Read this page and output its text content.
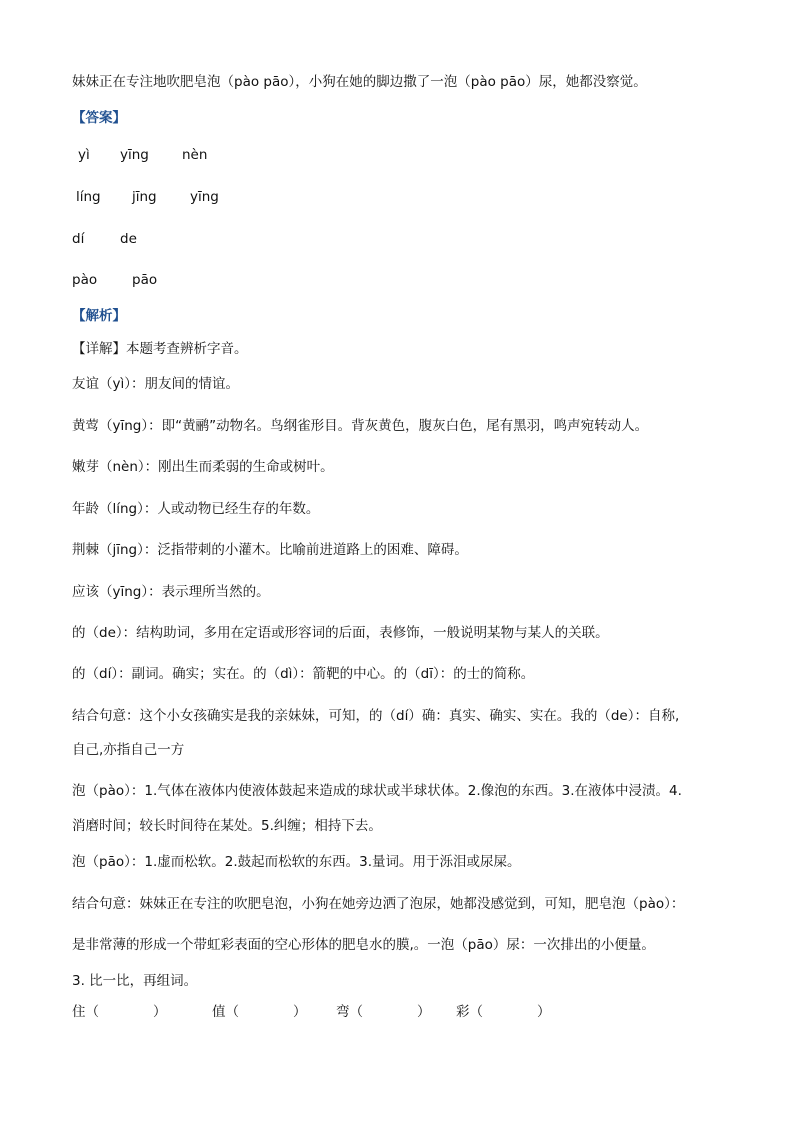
妹妹正在专注地吹肥皂泡（pào pāo），小狗在她的脚边撒了一泡（pào pāo）尿，她都没察觉。
【答案】
yì yīng nèn
líng jīng yīng
dí	de
pào	pāo
【解析】
【详解】本题考查辨析字音。
友谊（yì）：朋友间的情谊。
黄莺（yīng）：即“黄鹂”动物名。鸟纲雀形目。背灰黄色，腹灰白色，尾有黑羽，鸣声宛转动人。
嫩芽（nèn）：刚出生而柔弱的生命或树叶。
年龄（líng）：人或动物已经生存的年数。
荆棘（jīng）：泛指带刺的小灌木。比喻前进道路上的困难、障碍。
应该（yīng）：表示理所当然的。
的（de）：结构助词，多用在定语或形容词的后面，表修饰，一般说明某物与某人的关联。
的（dí）：副词。确实；实在。的（dì）：箭靶的中心。的（dī）：的士的简称。
结合句意：这个小女孩确实是我的亲妹妹，可知，的（dí）确：真实、确实、实在。我的（de）：自称,
自己,亦指自己一方
泡（pào）：1.气体在液体内使液体鼓起来造成的球状或半球状体。2.像泡的东西。3.在液体中浸渍。4.
消磨时间；较长时间待在某处。5.纠缠；相持下去。
泡（pāo）：1.虚而松软。2.鼓起而松软的东西。3.量词。用于泺泪或尿屎。
结合句意：妹妹正在专注的吹肥皂泡，小狗在她旁边洒了泡尿，她都没感觉到，可知，肥皂泡（pào）：
是非常薄的形成一个带虹彩表面的空心形体的肥皂水的膜,。一泡（pāo）尿：一次排出的小便量。
3. 比一比，再组词。
住（　　　　）	值（　　　　） 弯（　　　　） 彩（　　　　）
